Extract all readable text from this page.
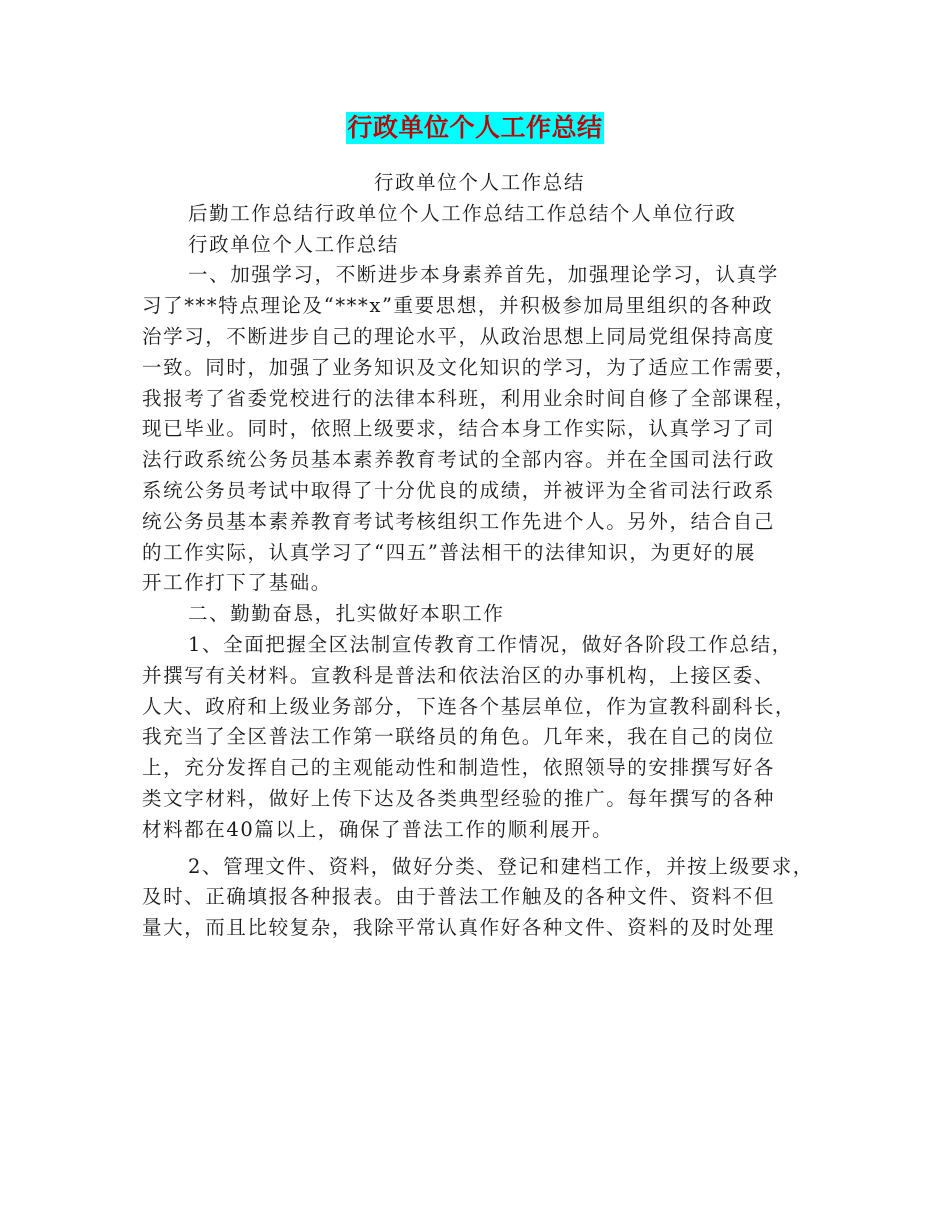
行政单位个人工作总结
行政单位个人工作总结
后勤工作总结行政单位个人工作总结工作总结个人单位行政
行政单位个人工作总结
一、加强学习，不断进步本身素养首先，加强理论学习，认真学
习了***特点理论及“***x”重要思想，并积极参加局里组织的各种政
治学习，不断进步自己的理论水平，从政治思想上同局党组保持高度
一致。同时，加强了业务知识及文化知识的学习，为了适应工作需要，
我报考了省委党校进行的法律本科班，利用业余时间自修了全部课程，
现已毕业。同时，依照上级要求，结合本身工作实际，认真学习了司
法行政系统公务员基本素养教育考试的全部内容。并在全国司法行政
系统公务员考试中取得了十分优良的成绩，并被评为全省司法行政系
统公务员基本素养教育考试考核组织工作先进个人。另外，结合自己
的工作实际，认真学习了“四五”普法相干的法律知识，为更好的展
开工作打下了基础。
二、勤勤奋恳，扎实做好本职工作
1、全面把握全区法制宣传教育工作情况，做好各阶段工作总结，
并撰写有关材料。宣教科是普法和依法治区的办事机构，上接区委、
人大、政府和上级业务部分，下连各个基层单位，作为宣教科副科长，
我充当了全区普法工作第一联络员的角色。几年来，我在自己的岗位
上，充分发挥自己的主观能动性和制造性，依照领导的安排撰写好各
类文字材料，做好上传下达及各类典型经验的推广。每年撰写的各种
材料都在40篇以上，确保了普法工作的顺利展开。
2、管理文件、资料，做好分类、登记和建档工作，并按上级要求，
及时、正确填报各种报表。由于普法工作触及的各种文件、资料不但
量大，而且比较复杂，我除平常认真作好各种文件、资料的及时处理
